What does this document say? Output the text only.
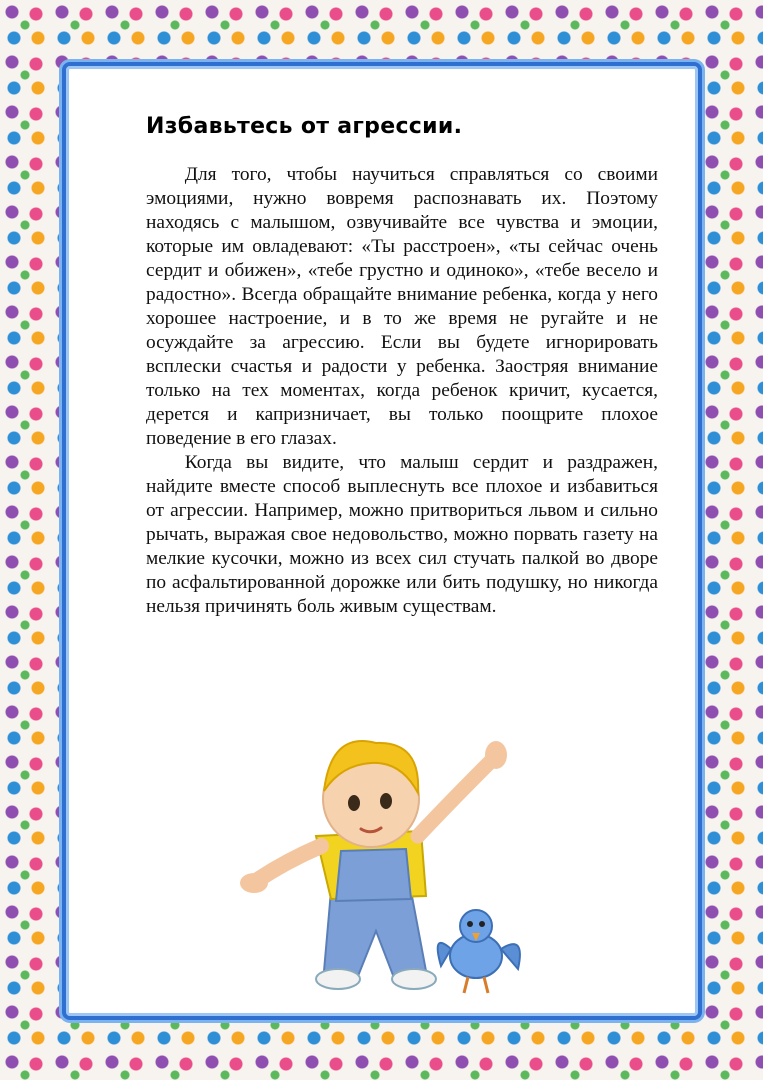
Избавьтесь от агрессии.

  Для того, чтобы научиться справляться со своими эмоциями, нужно вовремя распознавать их. Поэтому находясь с малышом, озвучивайте все чувства и эмоции, которые им овладевают: «Ты расстроен», «ты сейчас очень сердит и обижен», «тебе грустно и одиноко», «тебе весело и радостно». Всегда обращайте внимание ребенка, когда у него хорошее настроение, и в то же время не ругайте и не осуждайте за агрессию. Если вы будете игнорировать всплески счастья и радости у ребенка. Заостряя внимание только на тех моментах, когда ребенок кричит, кусается, дерется и капризничает, вы только поощрите плохое поведение в его глазах.

  Когда вы видите, что малыш сердит и раздражен, найдите вместе способ выплеснуть все плохое и избавиться от агрессии. Например, можно притвориться львом и сильно рычать, выражая свое недовольство, можно порвать газету на мелкие кусочки, можно из всех сил стучать палкой во дворе по асфальтированной дорожке или бить подушку, но никогда нельзя причинять боль живым существам.
